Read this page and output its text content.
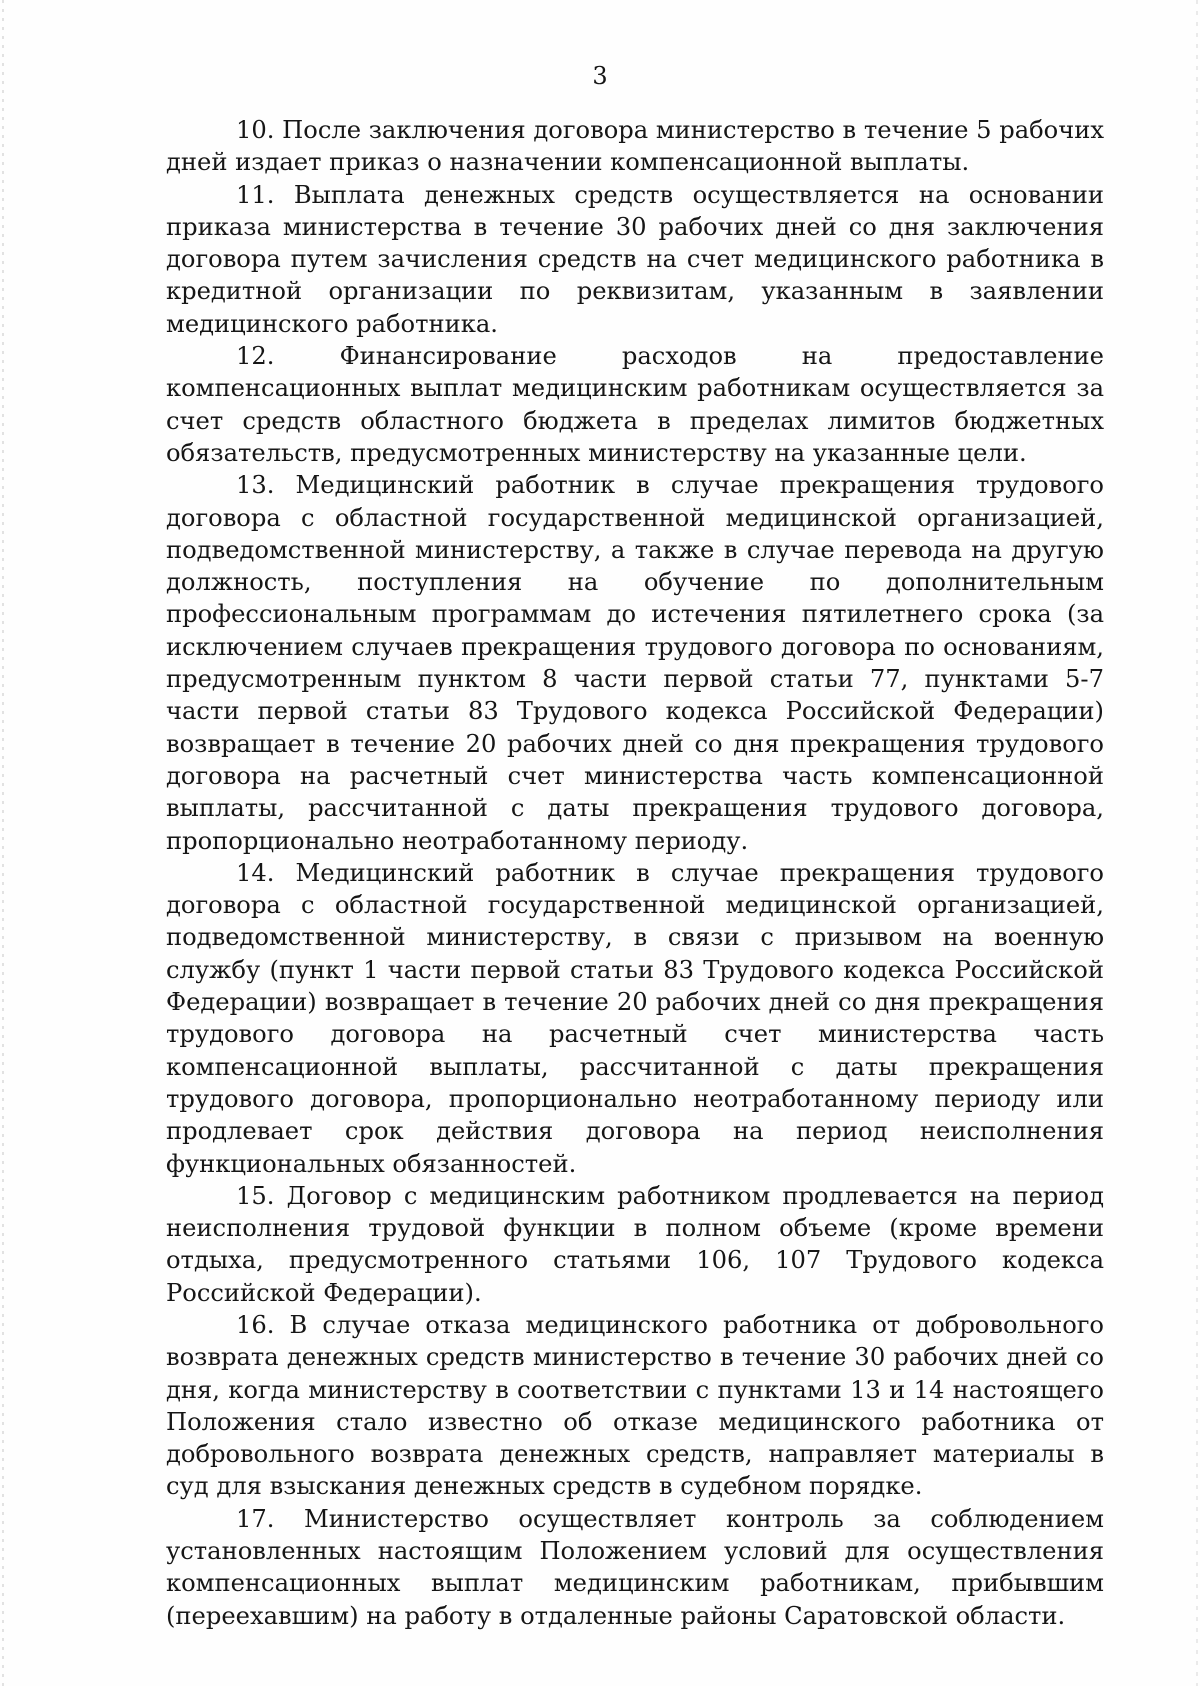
3

10. После заключения договора министерство в течение 5 рабочих дней издает приказ о назначении компенсационной выплаты.

11. Выплата денежных средств осуществляется на основании приказа министерства в течение 30 рабочих дней со дня заключения договора путем зачисления средств на счет медицинского работника в кредитной организации по реквизитам, указанным в заявлении медицинского работника.

12. Финансирование расходов на предоставление компенсационных выплат медицинским работникам осуществляется за счет средств областного бюджета в пределах лимитов бюджетных обязательств, предусмотренных министерству на указанные цели.

13. Медицинский работник в случае прекращения трудового договора с областной государственной медицинской организацией, подведомственной министерству, а также в случае перевода на другую должность, поступления на обучение по дополнительным профессиональным программам до истечения пятилетнего срока (за исключением случаев прекращения трудового договора по основаниям, предусмотренным пунктом 8 части первой статьи 77, пунктами 5-7 части первой статьи 83 Трудового кодекса Российской Федерации) возвращает в течение 20 рабочих дней со дня прекращения трудового договора на расчетный счет министерства часть компенсационной выплаты, рассчитанной с даты прекращения трудового договора, пропорционально неотработанному периоду.

14. Медицинский работник в случае прекращения трудового договора с областной государственной медицинской организацией, подведомственной министерству, в связи с призывом на военную службу (пункт 1 части первой статьи 83 Трудового кодекса Российской Федерации) возвращает в течение 20 рабочих дней со дня прекращения трудового договора на расчетный счет министерства часть компенсационной выплаты, рассчитанной с даты прекращения трудового договора, пропорционально неотработанному периоду или продлевает срок действия договора на период неисполнения функциональных обязанностей.

15. Договор с медицинским работником продлевается на период неисполнения трудовой функции в полном объеме (кроме времени отдыха, предусмотренного статьями 106, 107 Трудового кодекса Российской Федерации).

16. В случае отказа медицинского работника от добровольного возврата денежных средств министерство в течение 30 рабочих дней со дня, когда министерству в соответствии с пунктами 13 и 14 настоящего Положения стало известно об отказе медицинского работника от добровольного возврата денежных средств, направляет материалы в суд для взыскания денежных средств в судебном порядке.

17. Министерство осуществляет контроль за соблюдением установленных настоящим Положением условий для осуществления компенсационных выплат медицинским работникам, прибывшим (переехавшим) на работу в отдаленные районы Саратовской области.
